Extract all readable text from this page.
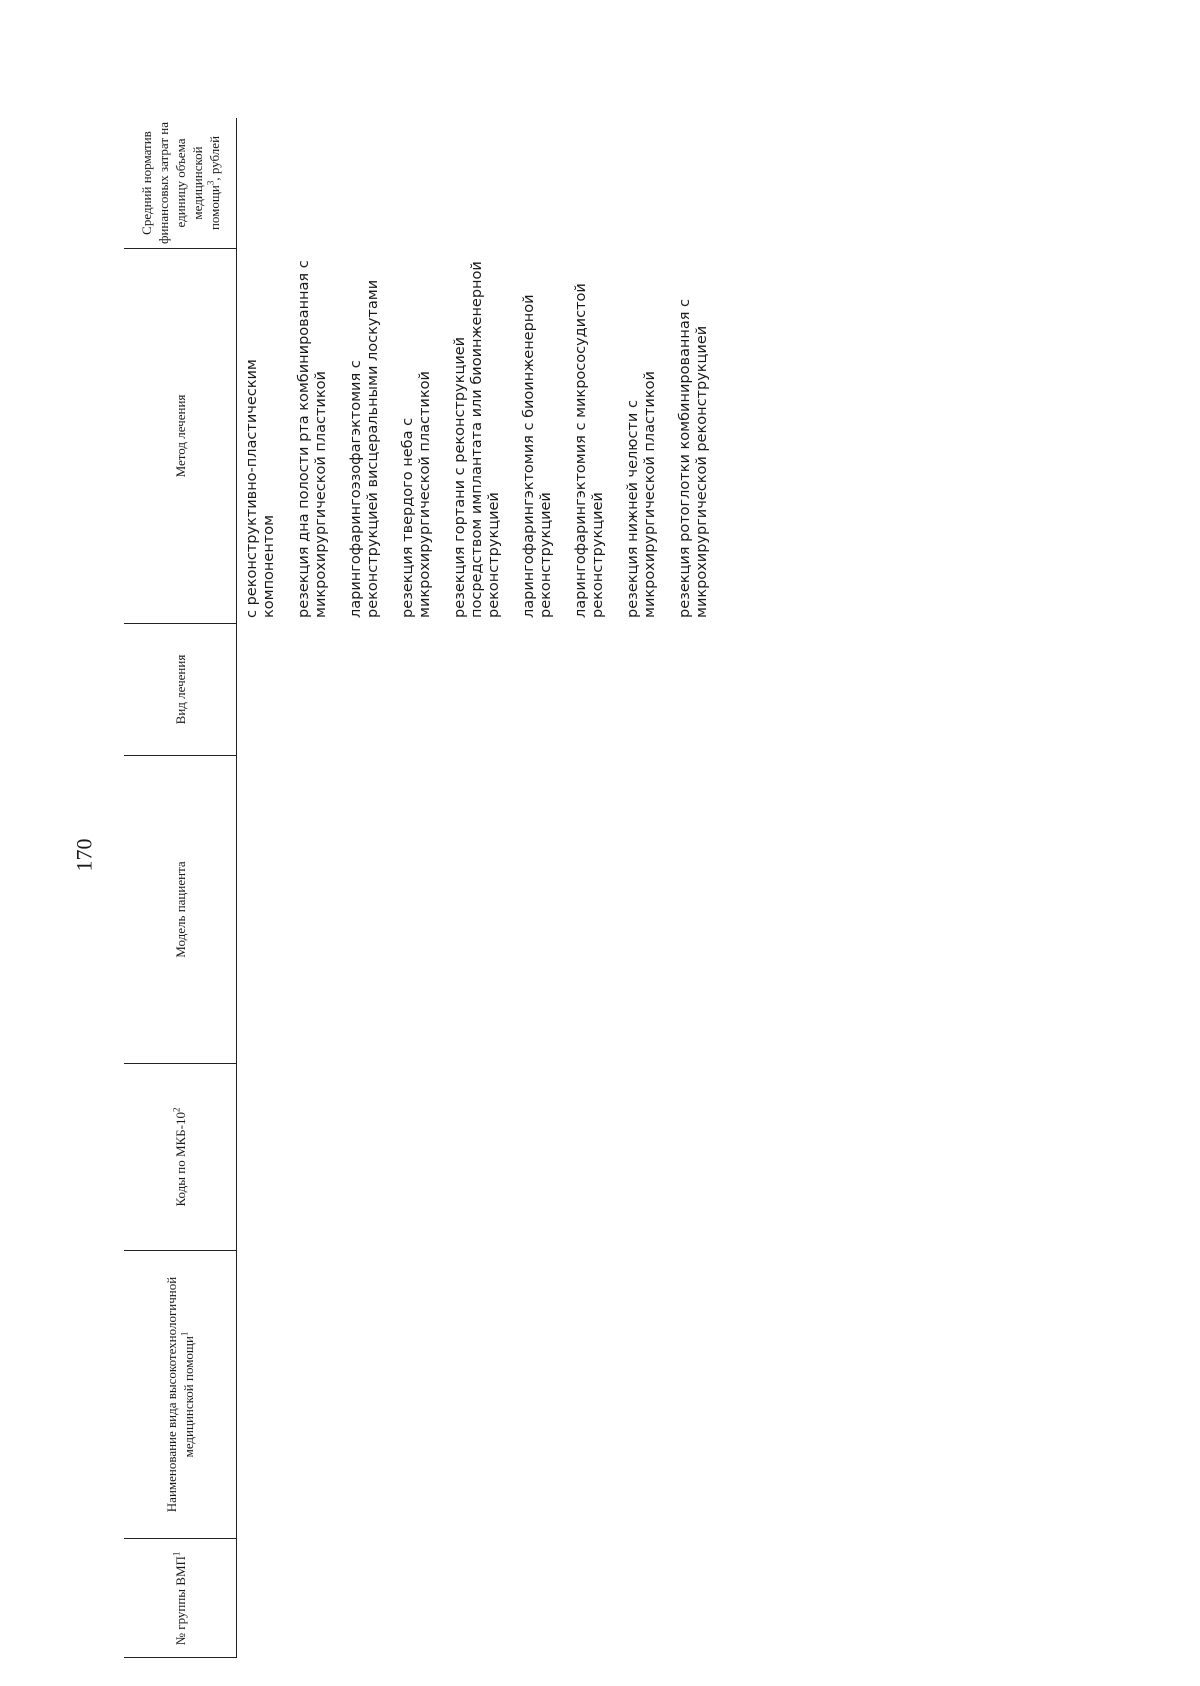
170
№ группы ВМП$^1$
Наименование вида высокотехнологичной медицинской помощи$^1$
Коды по МКБ-$10^2$
Модель пациента
Вид лечения
Метод лечения
Средний норматив финансовых затрат на единицу объема медицинской помощи$^3$, рублей
с реконструктивно-пластическим компонентом резекция дна полости рта комбинированная с микрохирургической пластикой ларингофарингоэзофагэктомия с реконструкцией висцеральными лоскутами резекция твердого неба с микрохирургической пластикой резекция гортани с реконструкцией посредством имплантата или биоинженерной реконструкцией ларингофарингэктомия с биоинженерной реконструкцией ларингофарингэктомия с микрососудистой реконструкцией резекция нижней челюсти с микрохирургической пластикой резекция ротоглотки комбинированная с микрохирургической реконструкцией
